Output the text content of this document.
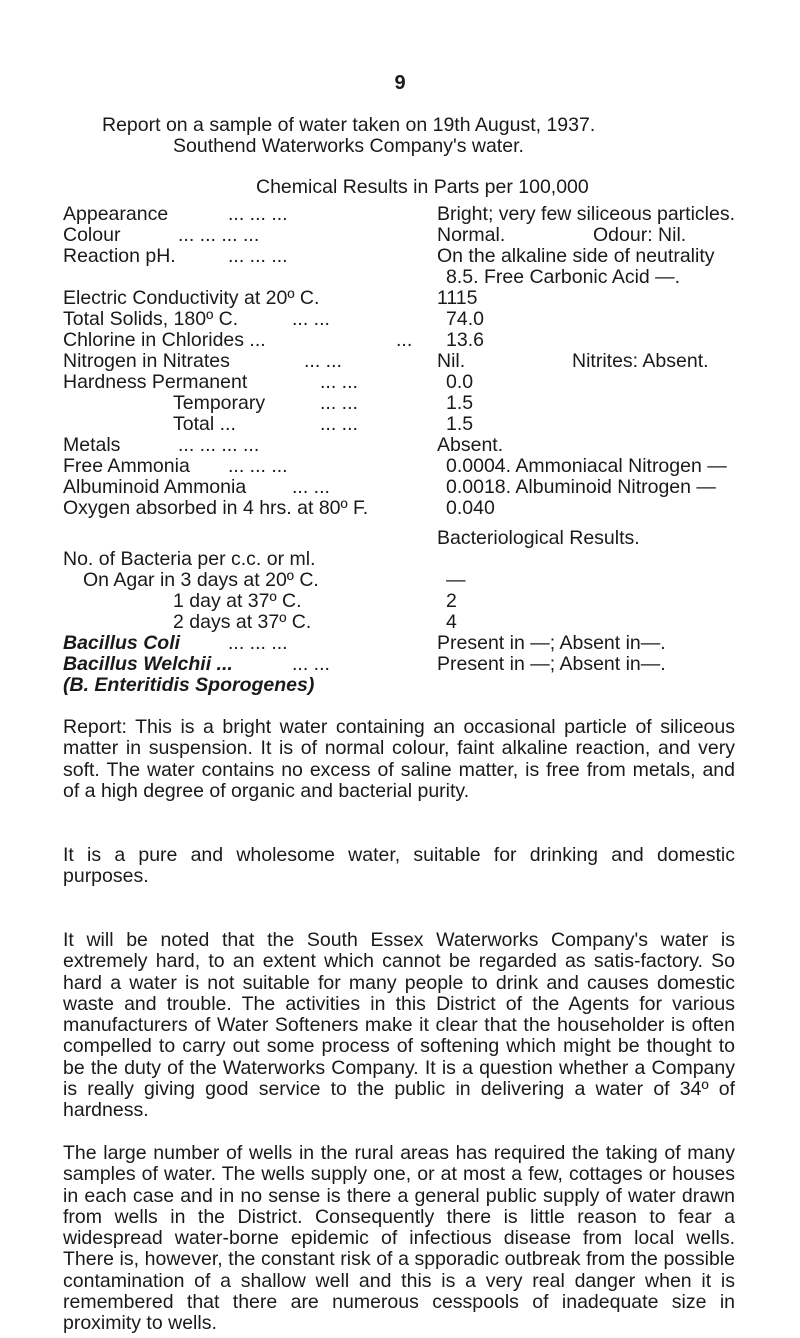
9
Report on a sample of water taken on 19th August, 1937.
Southend Waterworks Company's water.
Chemical Results in Parts per 100,000
Appearance	... ... ...	Bright; very few siliceous particles.
Colour	... ... ... ...	Normal.	Odour: Nil.
Reaction pH.	... ... ...	On the alkaline side of neutrality
8.5. Free Carbonic Acid —.
Electric Conductivity at 20º C.	1115
Total Solids, 180º C.	... ...	74.0
Chlorine in Chlorides ...	... 13.6
Nitrogen in Nitrates	... ...	Nil.	Nitrites: Absent.
Hardness Permanent	... ...	0.0
Temporary	... ...	1.5
Total ...	... ...	1.5
Metals	... ... ... ...	Absent.
Free Ammonia ... ... ...	0.0004. Ammoniacal Nitrogen —
Albuminoid Ammonia ... ...	0.0018. Albuminoid Nitrogen —
Oxygen absorbed in 4 hrs. at 80º F.	0.040
Bacteriological Results.
No. of Bacteria per c.c. or ml.
On Agar in 3 days at 20º C.	—
1 day at 37º C.	2
2 days at 37º C.	4
Bacillus Coli ... ... ...	Present in —; Absent in—.
Bacillus Welchii ...	... ...	Present in —; Absent in—.
(B. Enteritidis Sporogenes)

Report: This is a bright water containing an occasional particle of siliceous matter in suspension. It is of normal colour, faint alkaline reaction, and very soft. The water contains no excess of saline matter, is free from metals, and of a high degree of organic and bacterial purity.

It is a pure and wholesome water, suitable for drinking and domestic purposes.

It will be noted that the South Essex Waterworks Company's water is extremely hard, to an extent which cannot be regarded as satis-factory. So hard a water is not suitable for many people to drink and causes domestic waste and trouble. The activities in this District of the Agents for various manufacturers of Water Softeners make it clear that the householder is often compelled to carry out some process of softening which might be thought to be the duty of the Waterworks Company. It is a question whether a Company is really giving good service to the public in delivering a water of 34º of hardness.

The large number of wells in the rural areas has required the taking of many samples of water. The wells supply one, or at most a few, cottages or houses in each case and in no sense is there a general public supply of water drawn from wells in the District. Consequently there is little reason to fear a widespread water-borne epidemic of infectious disease from local wells. There is, however, the constant risk of a spporadic outbreak from the possible contamination of a shallow well and this is a very real danger when it is remembered that there are numerous cesspools of inadequate size in proximity to wells.
